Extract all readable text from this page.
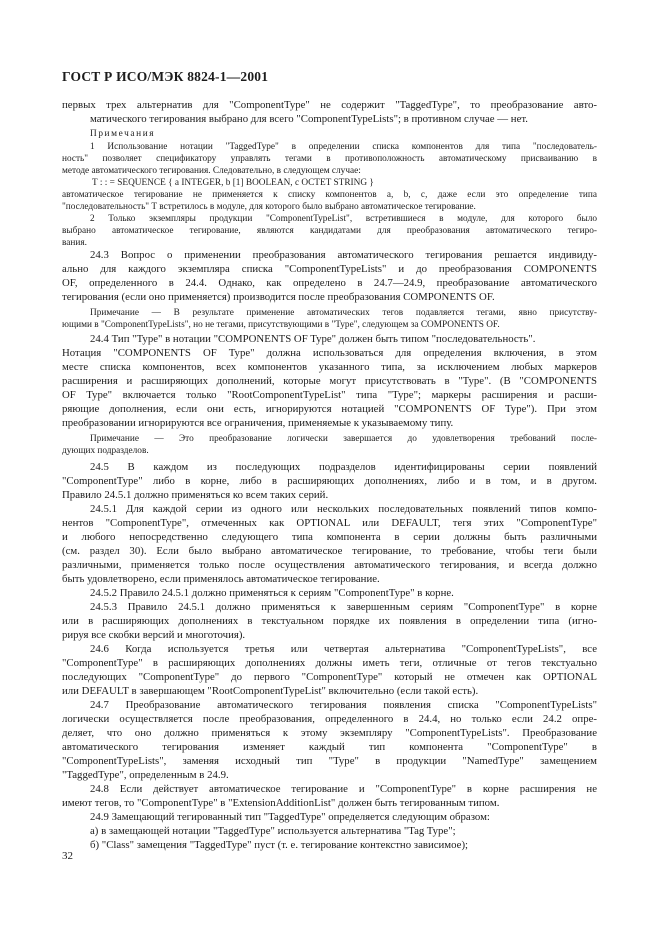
ГОСТ Р ИСО/МЭК 8824-1—2001
первых трех альтернатив для "ComponentType" не содержит "TaggedType", то преобразование авто-
матического тегирования выбрано для всего "ComponentTypeLists"; в противном случае — нет.
Примечания
1 Использование нотации "TaggedType" в определении списка компонентов для типа "последователь-
ность" позволяет спецификатору управлять тегами в противоположность автоматическому присваиванию в
методе автоматического тегирования. Следовательно, в следующем случае:
T : : = SEQUENCE { a INTEGER, b [1] BOOLEAN, c OCTET STRING }
автоматическое тегирование не применяется к списку компонентов a, b, c, даже если это определение типа
"последовательность" T встретилось в модуле, для которого было выбрано автоматическое тегирование.
2 Только экземпляры продукции "ComponentTypeList", встретившиеся в модуле, для которого было
выбрано автоматическое тегирование, являются кандидатами для преобразования автоматического тегиро-
вания.
24.3 Вопрос о применении преобразования автоматического тегирования решается индивиду-
ально для каждого экземпляра списка "ComponentTypeLists" и до преобразования COMPONENTS
OF, определенного в 24.4. Однако, как определено в 24.7—24.9, преобразование автоматического
тегирования (если оно применяется) производится после преобразования COMPONENTS OF.
Примечание — В результате применение автоматических тегов подавляется тегами, явно присутству-
ющими в "ComponentTypeLists", но не тегами, присутствующими в "Type", следующем за COMPONENTS OF.
24.4 Тип "Type" в нотации "COMPONENTS OF Type" должен быть типом "последовательность".
Нотация "COMPONENTS OF Type" должна использоваться для определения включения, в этом
месте списка компонентов, всех компонентов указанного типа, за исключением любых маркеров
расширения и расширяющих дополнений, которые могут присутствовать в "Type". (В "COMPONENTS
OF Type" включается только "RootComponentTypeList" типа "Type"; маркеры расширения и расши-
ряющие дополнения, если они есть, игнорируются нотацией "COMPONENTS OF Type"). При этом
преобразовании игнорируются все ограничения, применяемые к указываемому типу.
Примечание — Это преобразование логически завершается до удовлетворения требований после-
дующих подразделов.
24.5 В каждом из последующих подразделов идентифицированы серии появлений
"ComponentType" либо в корне, либо в расширяющих дополнениях, либо и в том, и в другом.
Правило 24.5.1 должно применяться ко всем таких серий.
24.5.1 Для каждой серии из одного или нескольких последовательных появлений типов компо-
нентов "ComponentType", отмеченных как OPTIONAL или DEFAULT, тегя этих "ComponentType"
и любого непосредственно следующего типа компонента в серии должны быть различными
(см. раздел 30). Если было выбрано автоматическое тегирование, то требование, чтобы теги были
различными, применяется только после осуществления автоматического тегирования, и всегда должно
быть удовлетворено, если применялось автоматическое тегирование.
24.5.2 Правило 24.5.1 должно применяться к сериям "ComponentType" в корне.
24.5.3 Правило 24.5.1 должно применяться к завершенным сериям "ComponentType" в корне
или в расширяющих дополнениях в текстуальном порядке их появления в определении типа (игно-
рируя все скобки версий и многоточия).
24.6 Когда используется третья или четвертая альтернатива "ComponentTypeLists", все
"ComponentType" в расширяющих дополнениях должны иметь теги, отличные от тегов текстуально
последующих "ComponentType" до первого "ComponentType" который не отмечен как OPTIONAL
или DEFAULT в завершающем "RootComponentTypeList" включительно (если такой есть).
24.7 Преобразование автоматического тегирования появления списка "ComponentTypeLists"
логически осуществляется после преобразования, определенного в 24.4, но только если 24.2 опре-
деляет, что оно должно применяться к этому экземпляру "ComponentTypeLists". Преобразование
автоматического тегирования изменяет каждый тип компонента "ComponentType" в
"ComponentTypeLists", заменяя исходный тип "Type" в продукции "NamedType" замещением
"TaggedType", определенным в 24.9.
24.8 Если действует автоматическое тегирование и "ComponentType" в корне расширения не
имеют тегов, то "ComponentType" в "ExtensionAdditionList" должен быть тегированным типом.
24.9 Замещающий тегированный тип "TaggedType" определяется следующим образом:
а) в замещающей нотации "TaggedType" используется альтернатива "Tag Type";
б) "Class" замещения "TaggedType" пуст (т. е. тегирование контекстно зависимое);
32
